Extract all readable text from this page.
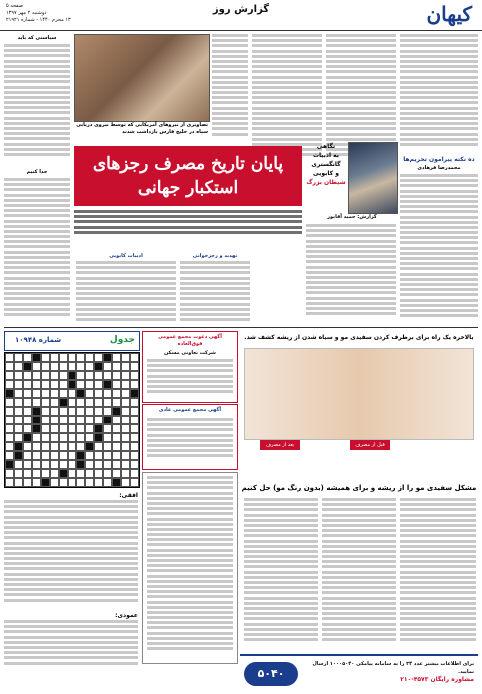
کیهان
گزارش روز
صفحه ۵
دوشنبه ۲ مهر ۱۳۹۷
۱۳ محرم ۱۴۴۰ - شماره ۲۱۹۲۱
ده نکته پیرامون تحریم‌ها
محمدرضا فرهادی
تصاویری از نیروهای آمریکایی که توسط نیروی دریایی سپاه در خلیج فارس بازداشت شدند
سیاستی که باید
جدا کنیم	پایان تاریخ مصرف رجزهای استکبار جهانی
نگاهی
به ادبیات
گانگستری
و کابویی
شیطان بزرگ
گزارش: حمید آقابور
تهدید و رجزخوانی
ادبیات کابویی
جدول
شماره ۱۰۹۴۸
افقی:
عمودی:
آگهی دعوت مجمع عمومی فوق‌العاده
شرکت تعاونی مسکن
آگهی مجمع عمومی عادی
بالاخره یک راه برای برطرف کردن سفیدی مو و سیاه شدن از ریشه کشف شد.
قبل از مصرف
بعد از مصرف
مشکل سفیدی مو را از ریشه و برای همیشه (بدون رنگ مو) حل کنیم
۵۰۴۰
برای اطلاعات بیشتر عدد ۳۴ را به سامانه پیامکی ۱۰۰۰۵۰۴۰ ارسال نمایید.
مشاوره رایگان ۴۵۷۳-۲۱۰
